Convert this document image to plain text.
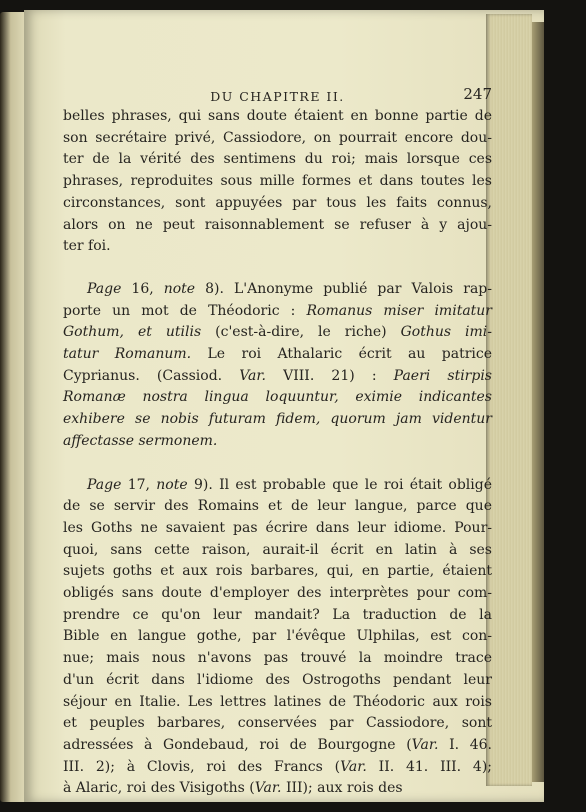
DU CHAPITRE II.	247

belles phrases, qui sans doute étaient en bonne partie de
son secrétaire privé, Cassiodore, on pourrait encore dou-
ter de la vérité des sentimens du roi; mais lorsque ces
phrases, reproduites sous mille formes et dans toutes les
circonstances, sont appuyées par tous les faits connus,
alors on ne peut raisonnablement se refuser à y ajou-
ter foi.

Page 16, note 8). L'Anonyme publié par Valois rap-
porte un mot de Théodoric : Romanus miser imitatur
Gothum, et utilis (c'est-à-dire, le riche) Gothus imi-
tatur Romanum. Le roi Athalaric écrit au patrice
Cyprianus. (Cassiod. Var. VIII. 21) : Paeri stirpis
Romanæ nostra lingua loquuntur, eximie indicantes
exhibere se nobis futuram fidem, quorum jam videntur
affectasse sermonem.

Page 17, note 9). Il est probable que le roi était obligé
de se servir des Romains et de leur langue, parce que
les Goths ne savaient pas écrire dans leur idiome. Pour-
quoi, sans cette raison, aurait-il écrit en latin à ses
sujets goths et aux rois barbares, qui, en partie, étaient
obligés sans doute d'employer des interprètes pour com-
prendre ce qu'on leur mandait? La traduction de la
Bible en langue gothe, par l'évêque Ulphilas, est con-
nue; mais nous n'avons pas trouvé la moindre trace
d'un écrit dans l'idiome des Ostrogoths pendant leur
séjour en Italie. Les lettres latines de Théodoric aux rois
et peuples barbares, conservées par Cassiodore, sont
adressées à Gondebaud, roi de Bourgogne (Var. I. 46.
III. 2); à Clovis, roi des Francs (Var. II. 41. III. 4);
à Alaric, roi des Visigoths (Var. III); aux rois des
